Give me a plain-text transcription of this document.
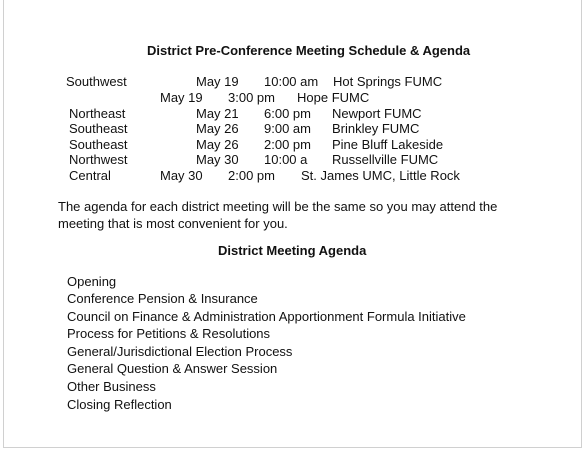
District Pre-Conference Meeting Schedule & Agenda
Southwest	May 19 10:00 am Hot Springs FUMC
May 19 3:00 pm Hope FUMC
Northeast	May 21 6:00 pm Newport FUMC
Southeast	May 26 9:00 am Brinkley FUMC
Southeast	May 26 2:00 pm Pine Bluff Lakeside
Northwest	May 30 10:00 a Russellville FUMC
Central	May 30 2:00 pm St. James UMC, Little Rock

The agenda for each district meeting will be the same so you may attend the meeting that is most convenient for you.

District Meeting Agenda
Opening
Conference Pension & Insurance
Council on Finance & Administration Apportionment Formula Initiative
Process for Petitions & Resolutions
General/Jurisdictional Election Process
General Question & Answer Session
Other Business
Closing Reflection
